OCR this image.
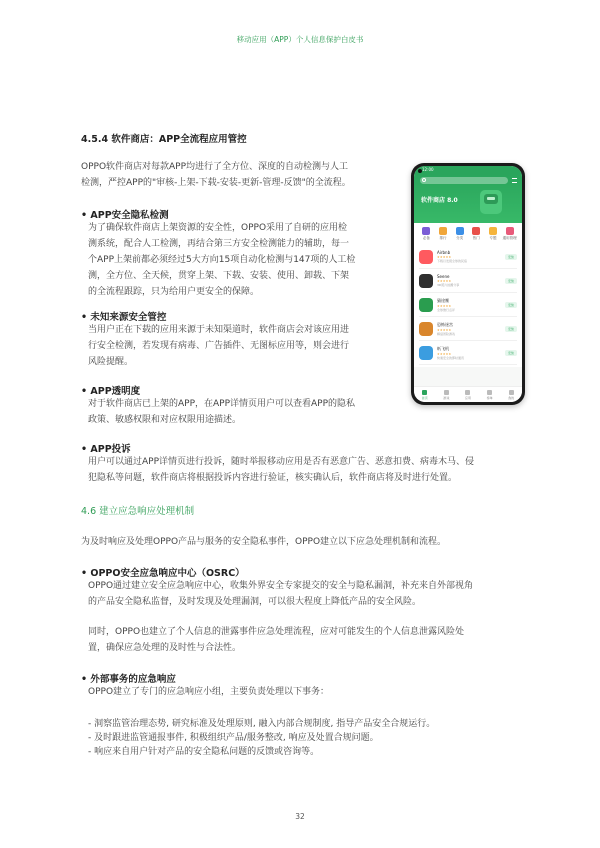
移动应用（APP）个人信息保护白皮书
4.5.4 软件商店：APP全流程应用管控
OPPO软件商店对每款APP均进行了全方位、深度的自动检测与人工
检测，严控APP的"审核-上架-下载-安装-更新-管理-反馈"的全流程。
• APP安全隐私检测
为了确保软件商店上架资源的安全性，OPPO采用了自研的应用检
测系统，配合人工检测，再结合第三方安全检测能力的辅助，每一
个APP上架前都必须经过5大方向15项自动化检测与147项的人工检
测，全方位、全天候，贯穿上架、下载、安装、使用、卸载、下架
的全流程跟踪，只为给用户更安全的保障。
• 未知来源安全管控
当用户正在下载的应用来源于未知渠道时，软件商店会对该应用进
行安全检测，若发现有病毒、广告插件、无图标应用等，则会进行
风险提醒。
• APP透明度
对于软件商店已上架的APP，在APP详情页用户可以查看APP的隐私
政策、敏感权限和对应权限用途描述。
• APP投诉
用户可以通过APP详情页进行投诉，随时举报移动应用是否有恶意广告、恶意扣费、病毒木马、侵
犯隐私等问题，软件商店将根据投诉内容进行验证，核实确认后，软件商店将及时进行处置。
4.6 建立应急响应处理机制
为及时响应及处理OPPO产品与服务的安全隐私事件，OPPO建立以下应急处理机制和流程。
• OPPO安全应急响应中心（OSRC）
OPPO通过建立安全应急响应中心，收集外界安全专家提交的安全与隐私漏洞，补充来自外部视角
的产品安全隐私监督，及时发现及处理漏洞，可以很大程度上降低产品的安全风险。
同时，OPPO也建立了个人信息的泄露事件应急处理流程，应对可能发生的个人信息泄露风险处
置，确保应急处理的及时性与合法性。
• 外部事务的应急响应
OPPO建立了专门的应急响应小组，主要负责处理以下事务：
- 洞察监管治理态势, 研究标准及处理原则, 融入内部合规制度, 指导产品安全合规运行。
- 及时跟进监管通报事件, 积极组织产品/服务整改, 响应及处置合规问题。
- 响应来自用户针对产品的安全隐私问题的反馈或咨询等。
32
12:00
软件商店 8.0
必备	排行	分类	热门	专题 通用管理
Airbnb
★★★★★
下载以发现全球的民宿
安装
Seene
★★★★★
3D照片拍摄分享
安装
猫途鹰
★★★★★
全球旅行点评
安装
恐怖迷宫
★★★★★
解谜冒险游戏
安装
纸飞机
★★★★★
快速安全的即时通讯
安装
首页	游戏	应用	榜单	我的
